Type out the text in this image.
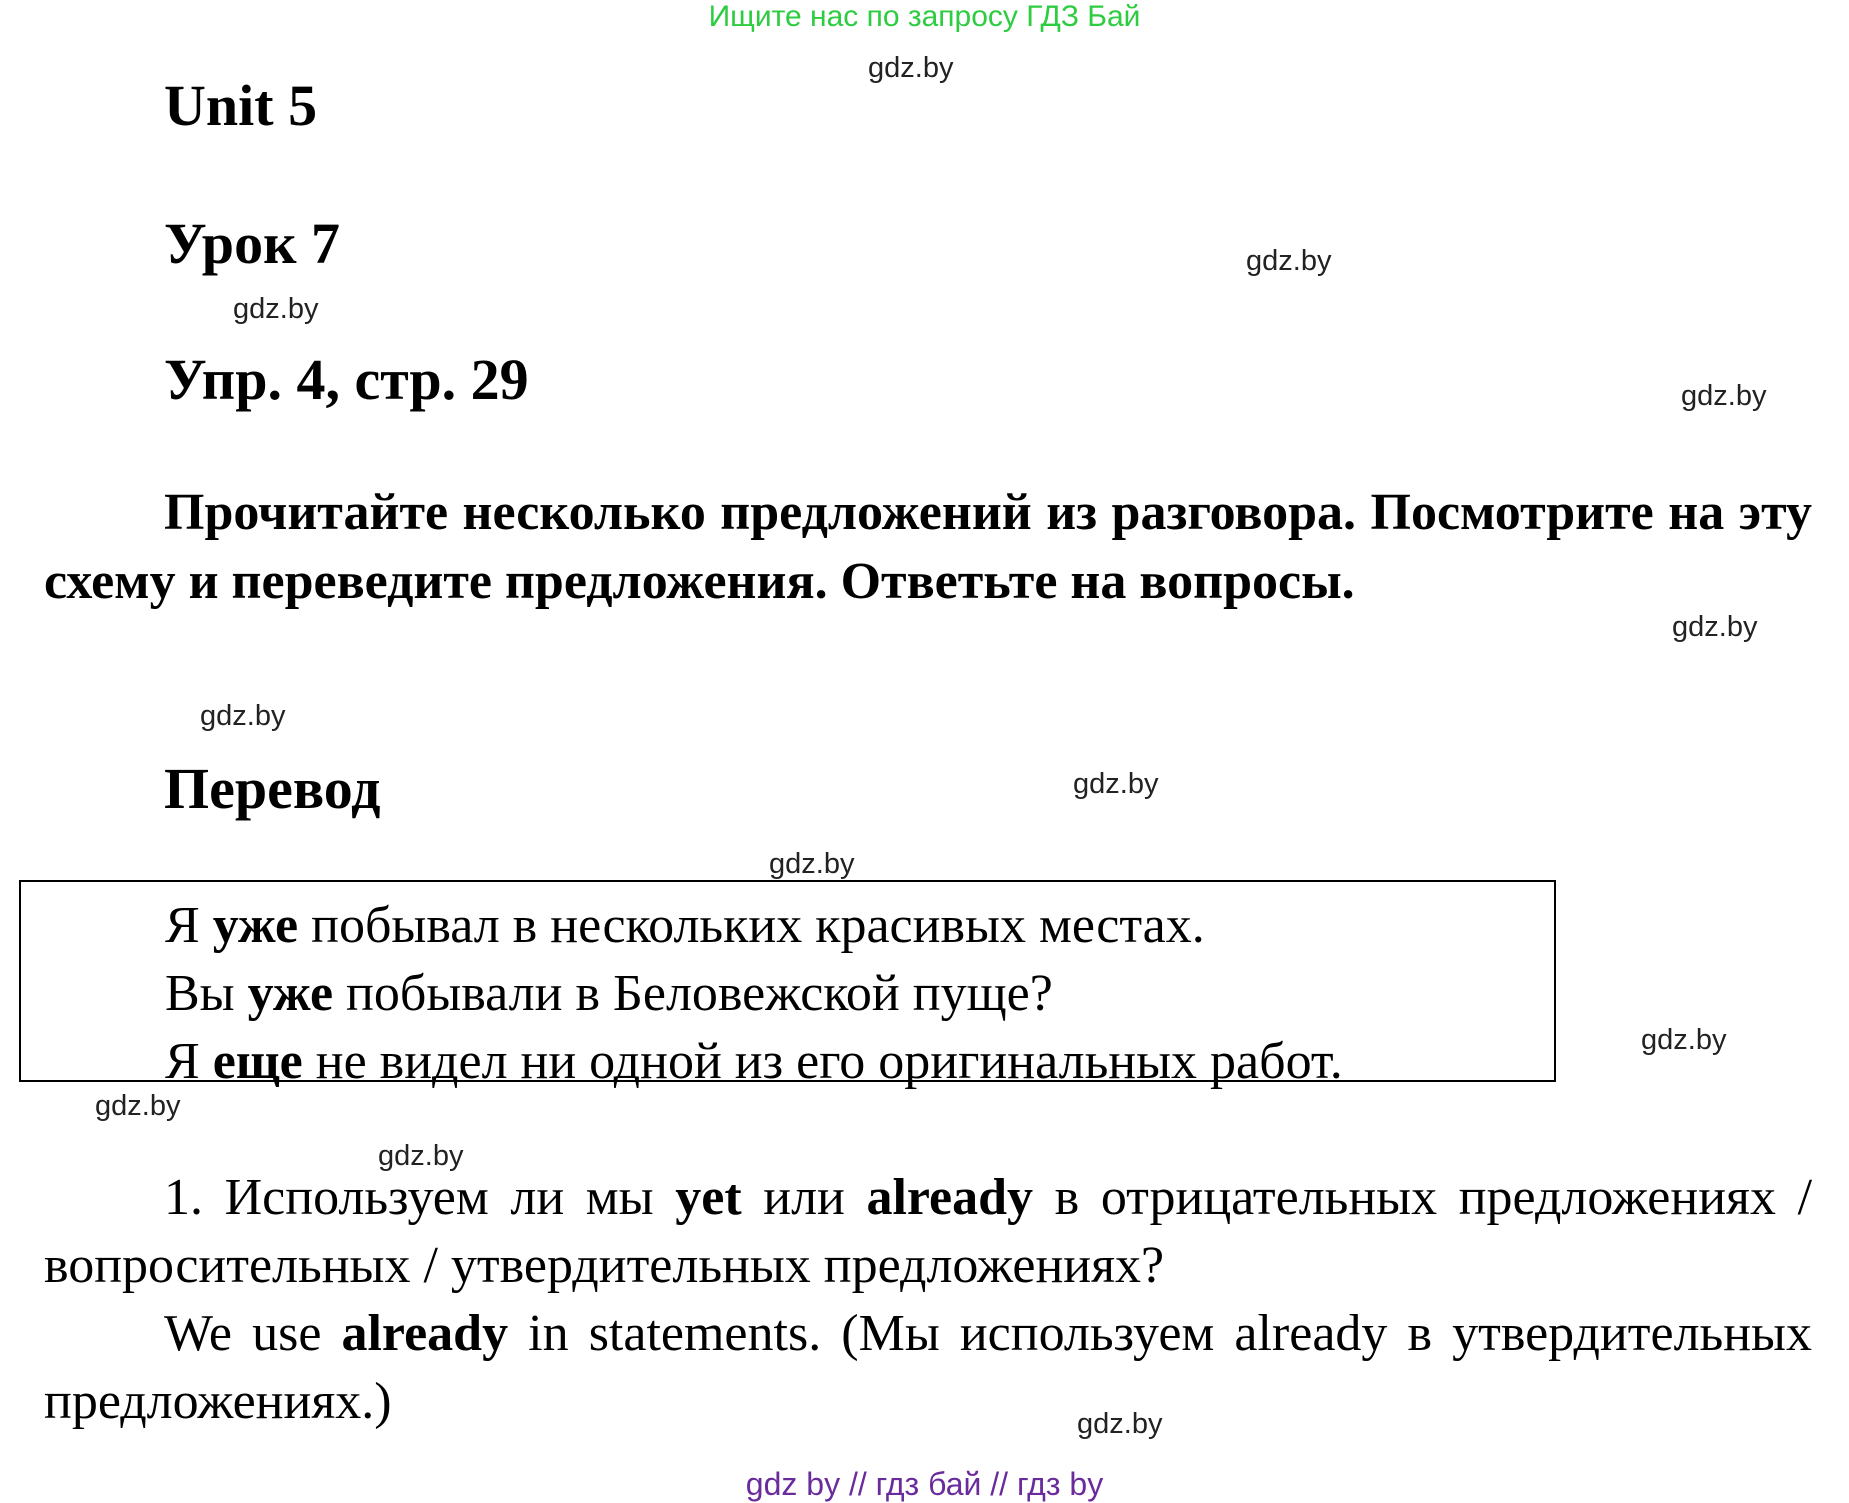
Ищите нас по запросу ГДЗ Бай
gdz.by
Unit 5
Урок 7	gdz.by
gdz.by
Упр. 4, стр. 29	gdz.by
Прочитайте несколько предложений из разговора. Посмотрите на эту схему и переведите предложения. Ответьте на вопросы.
gdz.by
gdz.by
Перевод	gdz.by
gdz.by
Я уже побывал в нескольких красивых местах.
Вы уже побывали в Беловежской пуще?
Я еще не видел ни одной из его оригинальных работ.	gdz.by
gdz.by
gdz.by
1. Используем ли мы yet или already в отрицательных предложениях /вопросительных / утвердительных предложениях?
We use already in statements. (Мы используем already в утвердительных предложениях.)	gdz.by
gdz by // гдз бай // гдз by
